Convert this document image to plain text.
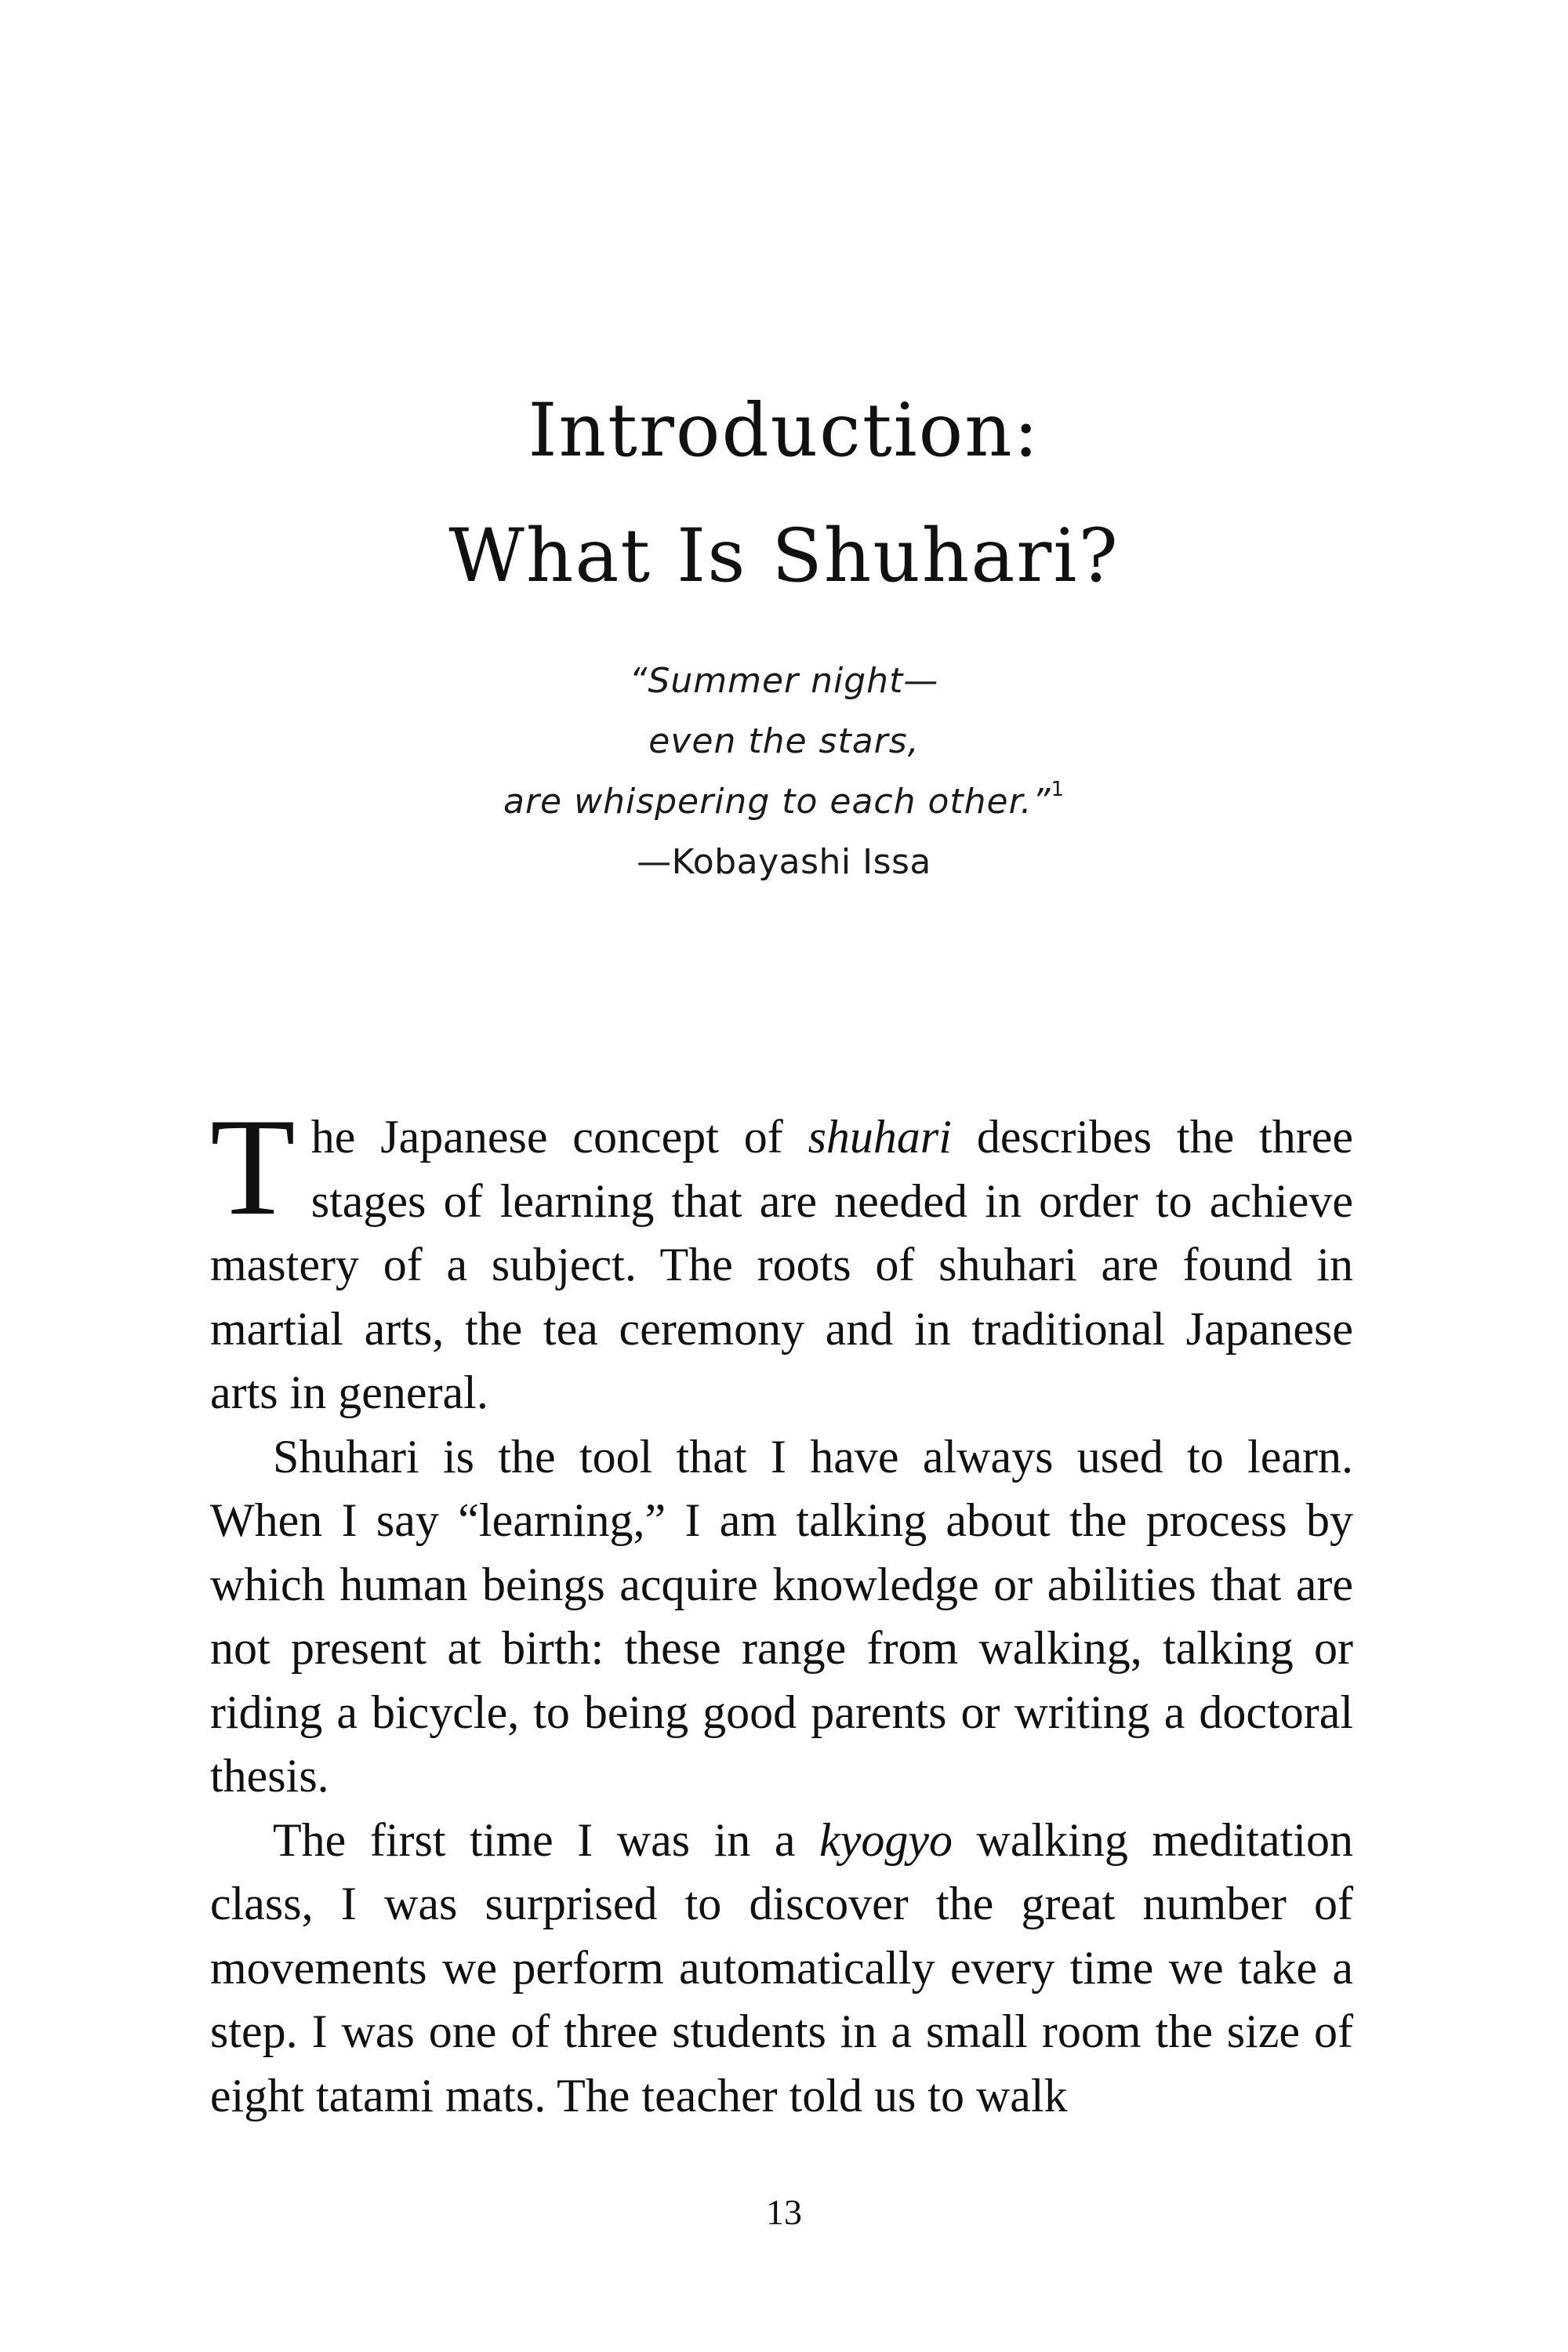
Introduction:
What Is Shuhari?
“Summer night—
even the stars,
are whispering to each other.”$^1$
—Kobayashi Issa

The Japanese concept of shuhari describes the three stages of learning that are needed in order to achieve mastery of a subject. The roots of shuhari are found in martial arts, the tea ceremony and in traditional Japanese arts in general.

Shuhari is the tool that I have always used to learn. When I say “learning,” I am talking about the process by which human beings acquire knowledge or abilities that are not present at birth: these range from walking, talking or riding a bicycle, to being good parents or writing a doctoral thesis.

The first time I was in a kyogyo walking meditation class, I was surprised to discover the great number of movements we perform automatically every time we take a step. I was one of three students in a small room the size of eight tatami mats. The teacher told us to walk

13
